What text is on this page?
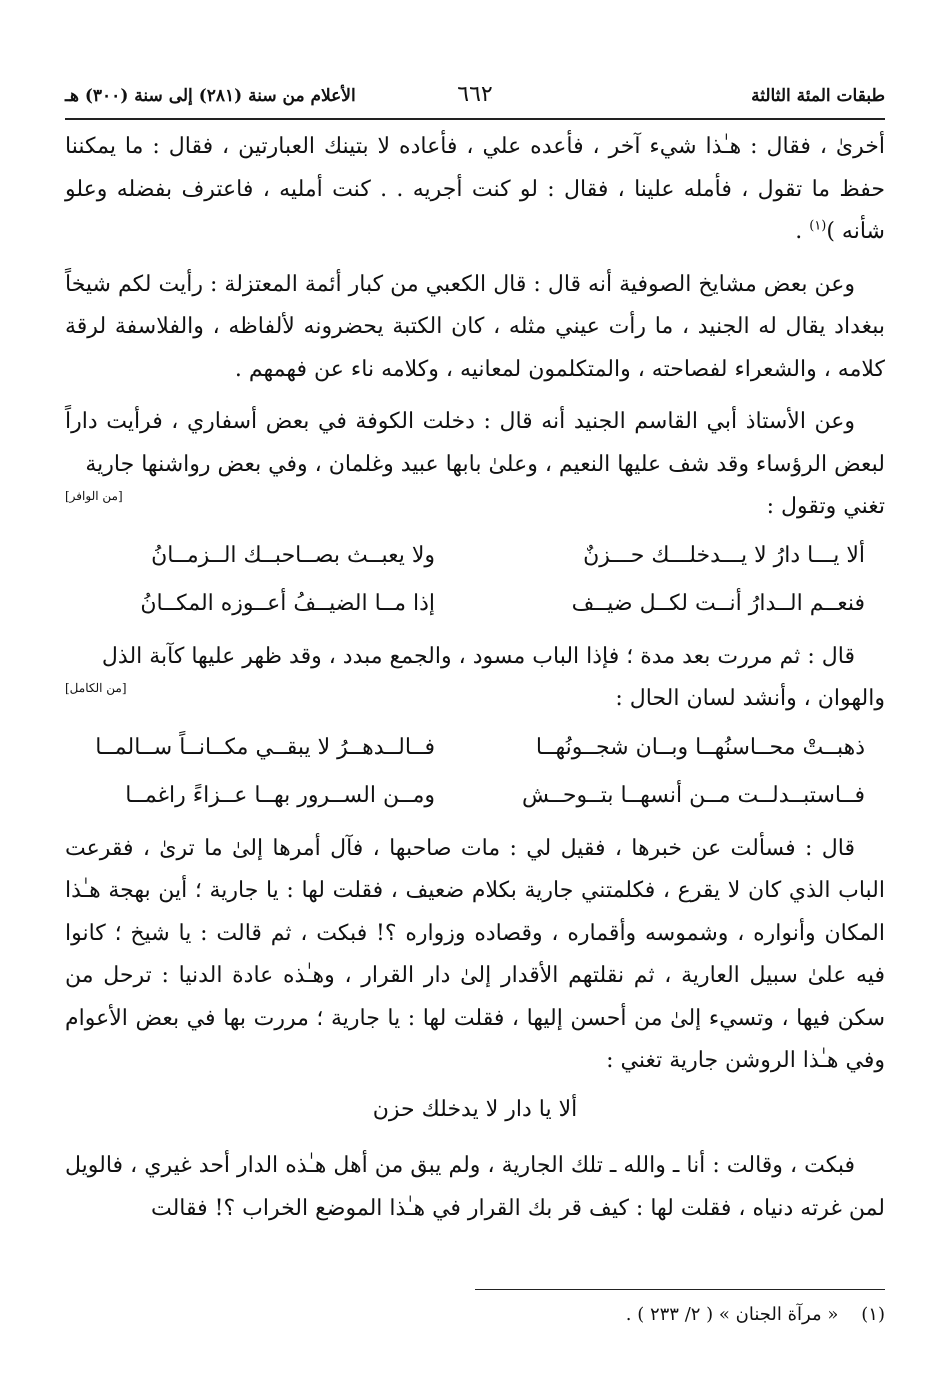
طبقات المئة الثالثة
٦٦٢
الأعلام من سنة (٢٨١) إلى سنة (٣٠٠) هـ

أخرىٰ ، فقال : هـٰذا شيء آخر ، فأعده علي ، فأعاده لا بتينك العبارتين ، فقال : ما يمكننا حفظ ما تقول ، فأمله علينا ، فقال : لو كنت أجريه . . كنت أمليه ، فاعترف بفضله وعلو شأنه )$^{(١)}$ .

وعن بعض مشايخ الصوفية أنه قال : قال الكعبي من كبار أئمة المعتزلة : رأيت لكم شيخاً ببغداد يقال له الجنيد ، ما رأت عيني مثله ، كان الكتبة يحضرونه لألفاظه ، والفلاسفة لرقة كلامه ، والشعراء لفصاحته ، والمتكلمون لمعانيه ، وكلامه ناء عن فهمهم .

وعن الأستاذ أبي القاسم الجنيد أنه قال : دخلت الكوفة في بعض أسفاري ، فرأيت داراً لبعض الرؤساء وقد شف عليها النعيم ، وعلىٰ بابها عبيد وغلمان ، وفي بعض رواشنها جارية

تغني وتقول :
[من الوافر]
ألا يـــا دارُ لا يـــدخلـــك حـــزنٌ
ولا يعبــث بصــاحبــك الــزمــانُ
فنعــم الــدارُ أنــت لكــل ضيــف
إذا مــا الضيــفُ أعــوزه المكــانُ

قال : ثم مررت بعد مدة ؛ فإذا الباب مسود ، والجمع مبدد ، وقد ظهر عليها كآبة الذل

والهوان ، وأنشد لسان الحال :
[من الكامل]
ذهبــتْ محــاسنُهــا وبــان شجــونُهــا
فــالــدهــرُ لا يبقــي مكــانــاً ســالمــا
فــاستبــدلــت مــن أنسهــا بتــوحــش
ومــن الســرور بهــا عــزاءً راغمــا

قال : فسألت عن خبرها ، فقيل لي : مات صاحبها ، فآل أمرها إلىٰ ما ترىٰ ، فقرعت الباب الذي كان لا يقرع ، فكلمتني جارية بكلام ضعيف ، فقلت لها : يا جارية ؛ أين بهجة هـٰذا المكان وأنواره ، وشموسه وأقماره ، وقصاده وزواره ؟! فبكت ، ثم قالت : يا شيخ ؛ كانوا فيه علىٰ سبيل العارية ، ثم نقلتهم الأقدار إلىٰ دار القرار ، وهـٰذه عادة الدنيا : ترحل من سكن فيها ، وتسيء إلىٰ من أحسن إليها ، فقلت لها : يا جارية ؛ مررت بها في بعض الأعوام وفي هـٰذا الروشن جارية تغني :

ألا يا دار لا يدخلك حزن

فبكت ، وقالت : أنا ـ والله ـ تلك الجارية ، ولم يبق من أهل هـٰذه الدار أحد غيري ، فالويل لمن غرته دنياه ، فقلت لها : كيف قر بك القرار في هـٰذا الموضع الخراب ؟! فقالت

(١)    « مرآة الجنان » ( ٢/ ٢٣٣ ) .
